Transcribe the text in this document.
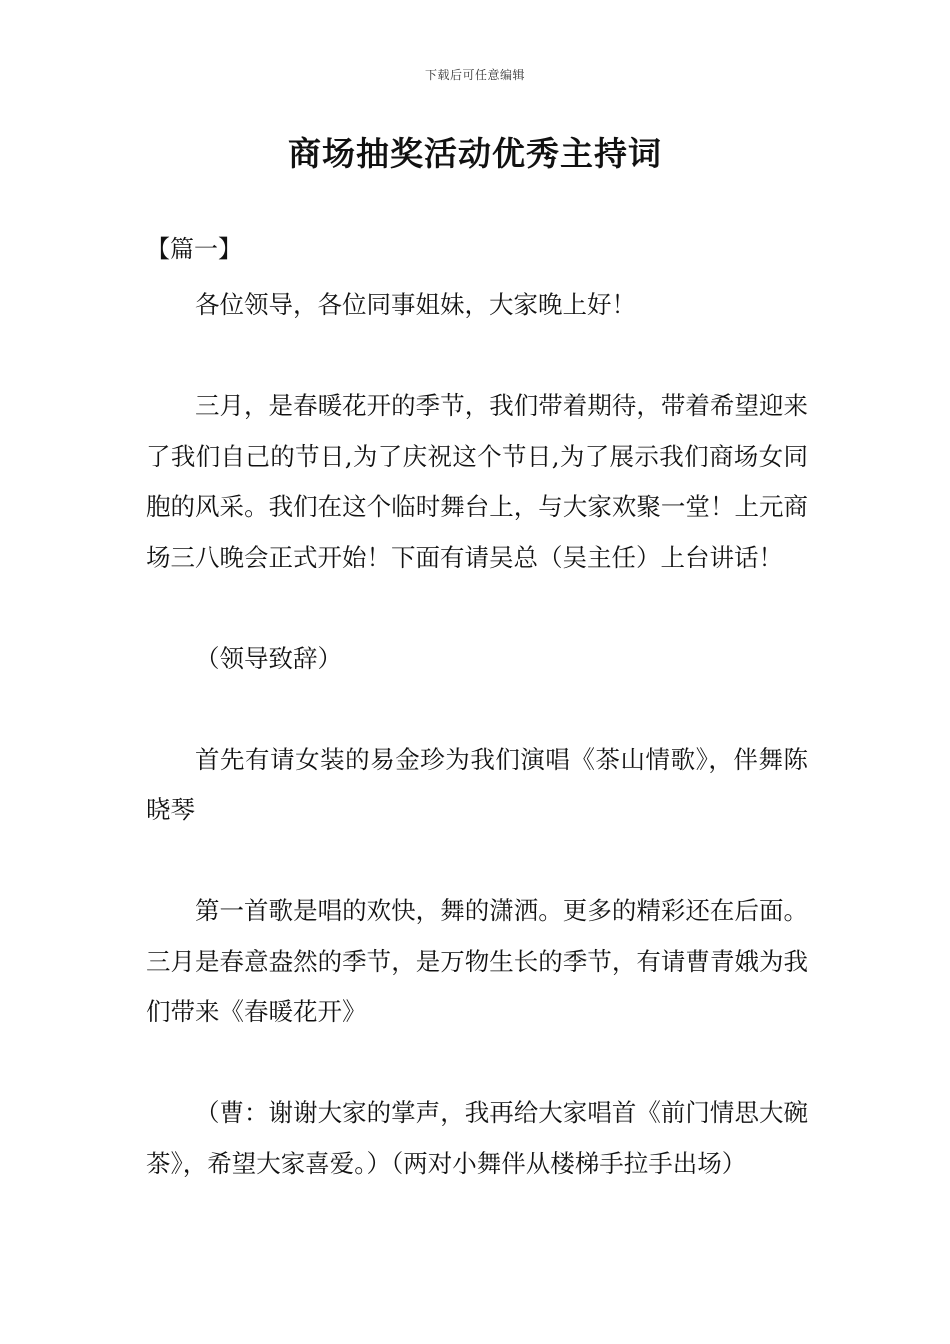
下载后可任意编辑
商场抽奖活动优秀主持词
【篇一】

各位领导，各位同事姐妹，大家晚上好！

三月，是春暖花开的季节，我们带着期待，带着希望迎来了我们自己的节日,为了庆祝这个节日,为了展示我们商场女同胞的风采。我们在这个临时舞台上，与大家欢聚一堂！上元商场三八晚会正式开始！下面有请吴总（吴主任）上台讲话！

（领导致辞）

首先有请女装的易金珍为我们演唱《茶山情歌》，伴舞陈晓琴

第一首歌是唱的欢快，舞的潇洒。更多的精彩还在后面。三月是春意盎然的季节，是万物生长的季节，有请曹青娥为我们带来《春暖花开》

（曹：谢谢大家的掌声，我再给大家唱首《前门情思大碗茶》，希望大家喜爱。）（两对小舞伴从楼梯手拉手出场）
